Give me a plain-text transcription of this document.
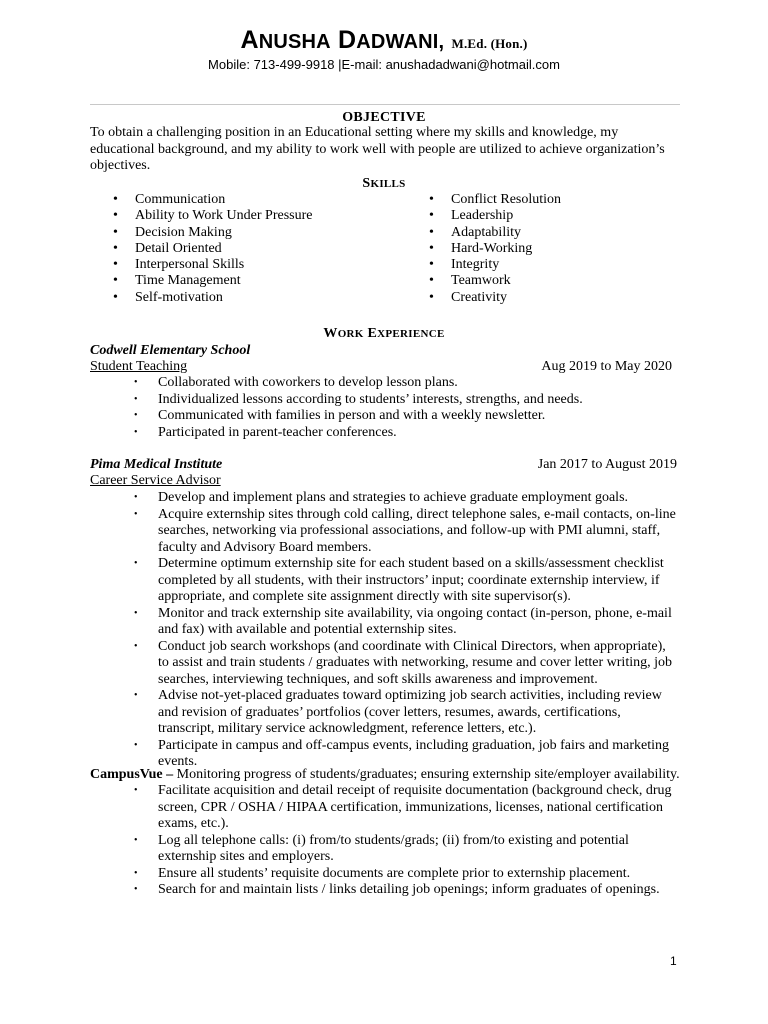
ANUSHA DADWANI, M.Ed. (Hon.)
Mobile: 713-499-9918 |E-mail: anushadadwani@hotmail.com
OBJECTIVE
To obtain a challenging position in an Educational setting where my skills and knowledge, my educational background, and my ability to work well with people are utilized to achieve organization’s objectives.
SKILLS
• Communication
• Ability to Work Under Pressure
• Decision Making
• Detail Oriented
• Interpersonal Skills
• Time Management
• Self-motivation
• Conflict Resolution
• Leadership
• Adaptability
• Hard-Working
• Integrity
• Teamwork
• Creativity
WORK EXPERIENCE
Codwell Elementary School
Student Teaching	Aug 2019 to May 2020
• Collaborated with coworkers to develop lesson plans.
• Individualized lessons according to students’ interests, strengths, and needs.
• Communicated with families in person and with a weekly newsletter.
• Participated in parent-teacher conferences.
Pima Medical Institute	Jan 2017 to August 2019
Career Service Advisor
• Develop and implement plans and strategies to achieve graduate employment goals.
• Acquire externship sites through cold calling, direct telephone sales, e-mail contacts, on-line searches, networking via professional associations, and follow-up with PMI alumni, staff, faculty and Advisory Board members.
• Determine optimum externship site for each student based on a skills/assessment checklist completed by all students, with their instructors’ input; coordinate externship interview, if appropriate, and complete site assignment directly with site supervisor(s).
• Monitor and track externship site availability, via ongoing contact (in-person, phone, e-mail and fax) with available and potential externship sites.
• Conduct job search workshops (and coordinate with Clinical Directors, when appropriate), to assist and train students / graduates with networking, resume and cover letter writing, job searches, interviewing techniques, and soft skills awareness and improvement.
• Advise not-yet-placed graduates toward optimizing job search activities, including review and revision of graduates’ portfolios (cover letters, resumes, awards, certifications, transcript, military service acknowledgment, reference letters, etc.).
• Participate in campus and off-campus events, including graduation, job fairs and marketing events.
CampusVue – Monitoring progress of students/graduates; ensuring externship site/employer availability.
• Facilitate acquisition and detail receipt of requisite documentation (background check, drug screen, CPR / OSHA / HIPAA certification, immunizations, licenses, national certification exams, etc.).
• Log all telephone calls: (i) from/to students/grads; (ii) from/to existing and potential externship sites and employers.
• Ensure all students’ requisite documents are complete prior to externship placement.
• Search for and maintain lists / links detailing job openings; inform graduates of openings.
1
